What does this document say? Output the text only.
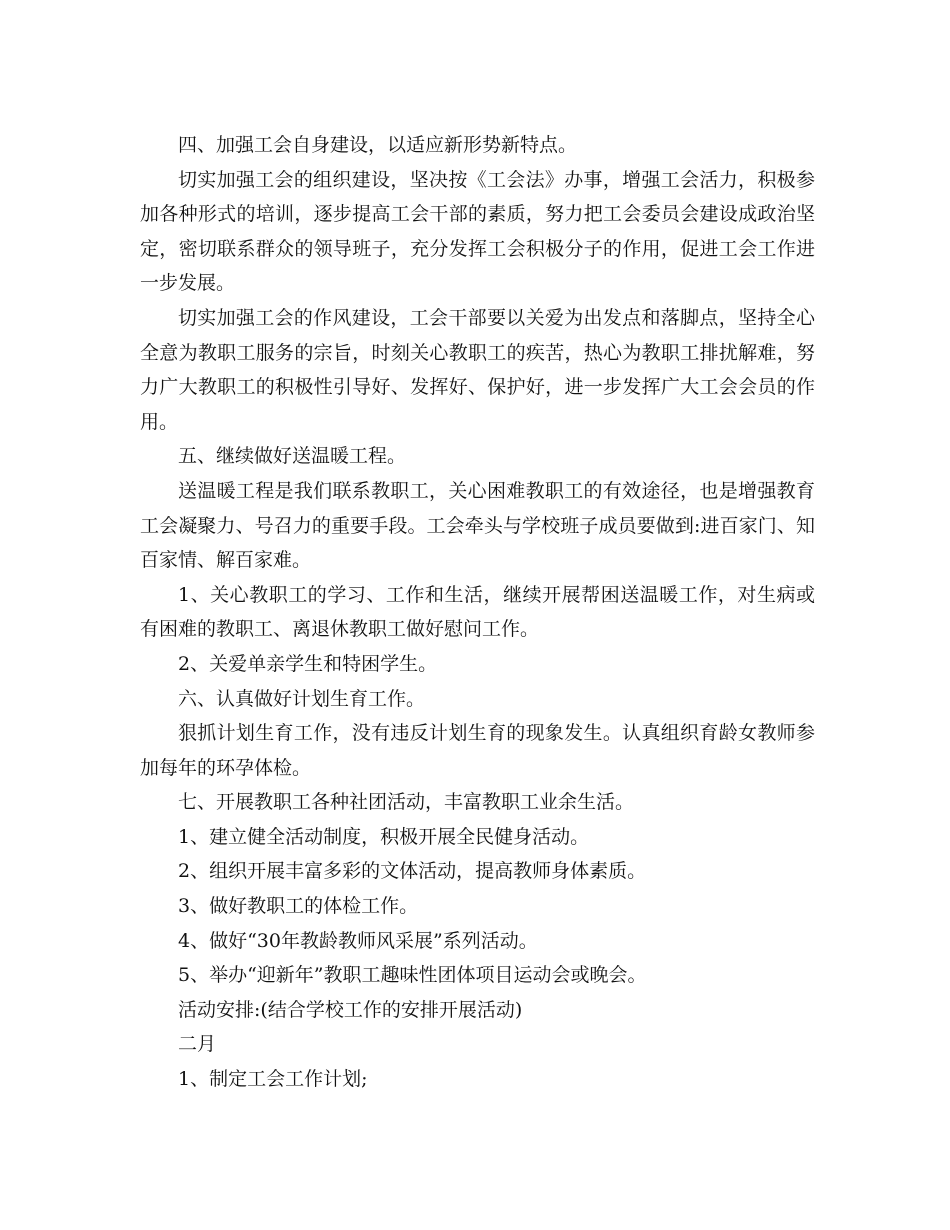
四、加强工会自身建设，以适应新形势新特点。

切实加强工会的组织建设，坚决按《工会法》办事，增强工会活力，积极参加各种形式的培训，逐步提高工会干部的素质，努力把工会委员会建设成政治坚定，密切联系群众的领导班子，充分发挥工会积极分子的作用，促进工会工作进一步发展。

切实加强工会的作风建设，工会干部要以关爱为出发点和落脚点，坚持全心全意为教职工服务的宗旨，时刻关心教职工的疾苦，热心为教职工排扰解难，努力广大教职工的积极性引导好、发挥好、保护好，进一步发挥广大工会会员的作用。

五、继续做好送温暖工程。

送温暖工程是我们联系教职工，关心困难教职工的有效途径，也是增强教育工会凝聚力、号召力的重要手段。工会牵头与学校班子成员要做到:进百家门、知百家情、解百家难。

1、关心教职工的学习、工作和生活，继续开展帮困送温暖工作，对生病或有困难的教职工、离退休教职工做好慰问工作。

2、关爱单亲学生和特困学生。

六、认真做好计划生育工作。

狠抓计划生育工作，没有违反计划生育的现象发生。认真组织育龄女教师参加每年的环孕体检。

七、开展教职工各种社团活动，丰富教职工业余生活。

1、建立健全活动制度，积极开展全民健身活动。

2、组织开展丰富多彩的文体活动，提高教师身体素质。

3、做好教职工的体检工作。

4、做好“30年教龄教师风采展”系列活动。

5、举办“迎新年”教职工趣味性团体项目运动会或晚会。

活动安排:(结合学校工作的安排开展活动)

二月

1、制定工会工作计划;
